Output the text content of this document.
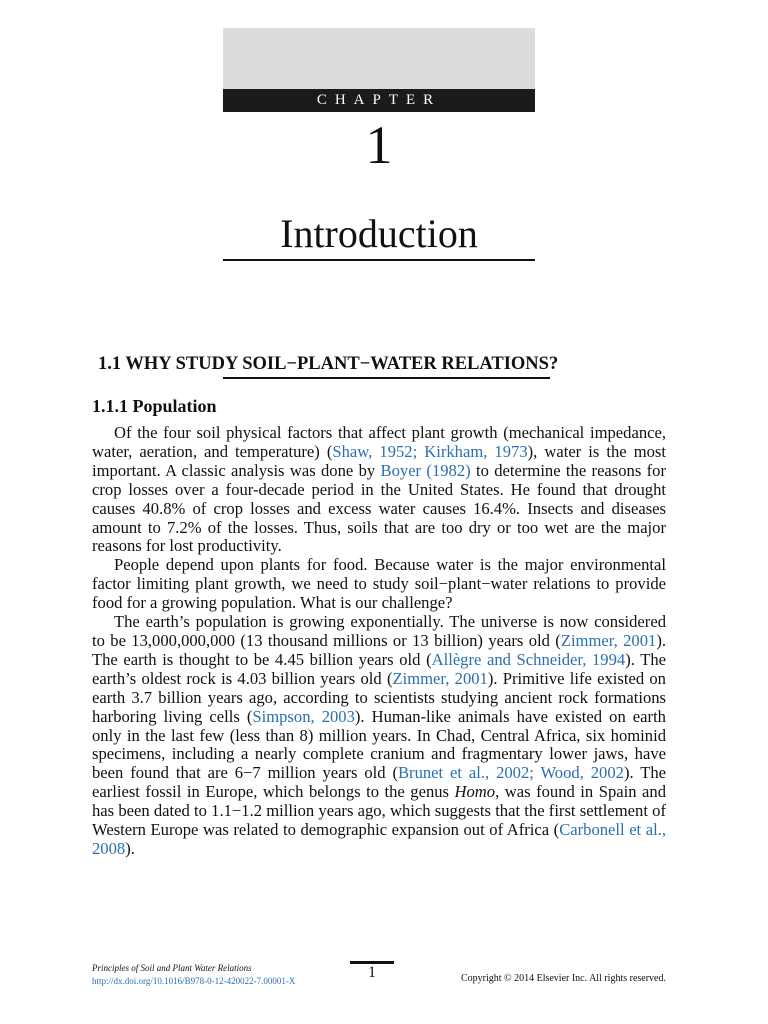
CHAPTER
1
Introduction
1.1 WHY STUDY SOIL−PLANT−WATER RELATIONS?
1.1.1 Population

Of the four soil physical factors that affect plant growth (mechanical impedance, water, aeration, and temperature) (Shaw, 1952; Kirkham, 1973), water is the most important. A classic analysis was done by Boyer (1982) to determine the reasons for crop losses over a four-decade period in the United States. He found that drought causes 40.8% of crop losses and excess water causes 16.4%. Insects and diseases amount to 7.2% of the losses. Thus, soils that are too dry or too wet are the major reasons for lost productivity.

People depend upon plants for food. Because water is the major environmental factor limiting plant growth, we need to study soil−plant−water relations to provide food for a growing population. What is our challenge?

The earth’s population is growing exponentially. The universe is now considered to be 13,000,000,000 (13 thousand millions or 13 billion) years old (Zimmer, 2001). The earth is thought to be 4.45 billion years old (Allègre and Schneider, 1994). The earth’s oldest rock is 4.03 billion years old (Zimmer, 2001). Primitive life existed on earth 3.7 billion years ago, according to scientists studying ancient rock formations harboring living cells (Simpson, 2003). Human-like animals have existed on earth only in the last few (less than 8) million years. In Chad, Central Africa, six hominid specimens, including a nearly complete cranium and fragmentary lower jaws, have been found that are 6−7 million years old (Brunet et al., 2002; Wood, 2002). The earliest fossil in Europe, which belongs to the genus Homo, was found in Spain and has been dated to 1.1−1.2 million years ago, which suggests that the first settlement of Western Europe was related to demographic expansion out of Africa (Carbonell et al., 2008).

Principles of Soil and Plant Water Relations
http://dx.doi.org/10.1016/B978-0-12-420022-7.00001-X	1	Copyright © 2014 Elsevier Inc. All rights reserved.
